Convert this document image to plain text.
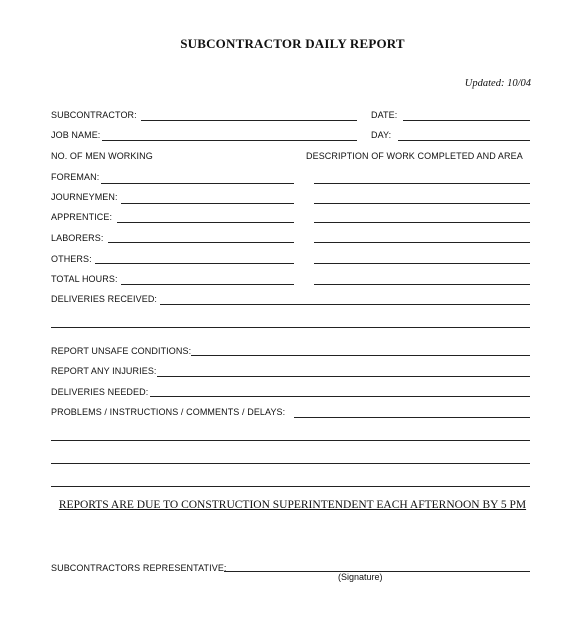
SUBCONTRACTOR DAILY REPORT
Updated: 10/04
SUBCONTRACTOR:	DATE:
JOB NAME:	DAY:
NO. OF MEN WORKING	DESCRIPTION OF WORK COMPLETED AND AREA
FOREMAN:
JOURNEYMEN:
APPRENTICE:
LABORERS:
OTHERS:
TOTAL HOURS:
DELIVERIES RECEIVED:
REPORT UNSAFE CONDITIONS:
REPORT ANY INJURIES:
DELIVERIES NEEDED:
PROBLEMS / INSTRUCTIONS / COMMENTS / DELAYS:
REPORTS ARE DUE TO CONSTRUCTION SUPERINTENDENT EACH AFTERNOON BY 5 PM
SUBCONTRACTORS REPRESENTATIVE:
(Signature)
